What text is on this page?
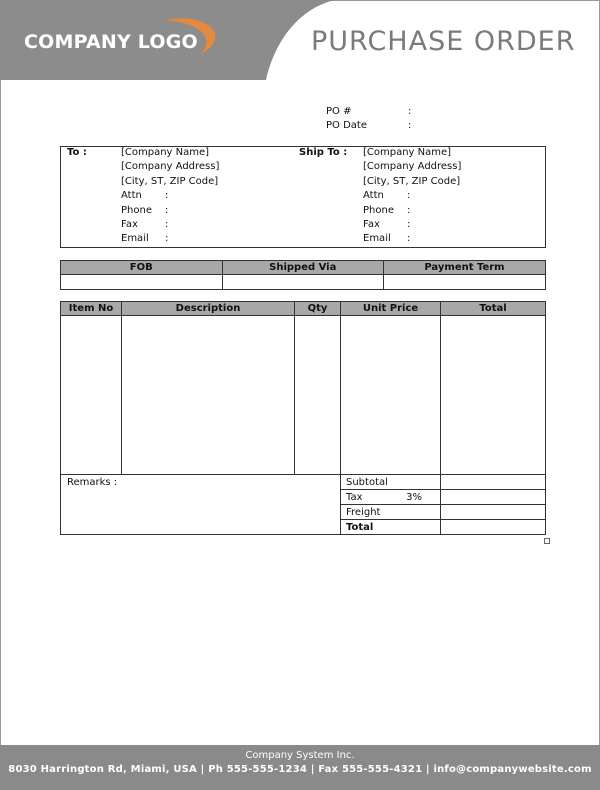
COMPANY LOGO	PURCHASE ORDER
PO #	:
PO Date	:
To :	[Company Name]
[Company Address]
[City, ST, ZIP Code]
Attn :
Phone :
Fax	:
Email :
Ship To : [Company Name]
[Company Address]
[City, ST, ZIP Code]
Attn :
Phone :
Fax	:
Email :
FOB	Shipped Via	Payment Term

Item No	Description	Qty	Unit Price	Total

Remarks :			Subtotal	
			Tax 3%	

			Freight	
			Total	
Company System Inc.
8030 Harrington Rd, Miami, USA | Ph 555-555-1234 | Fax 555-555-4321 | info@companywebsite.com
